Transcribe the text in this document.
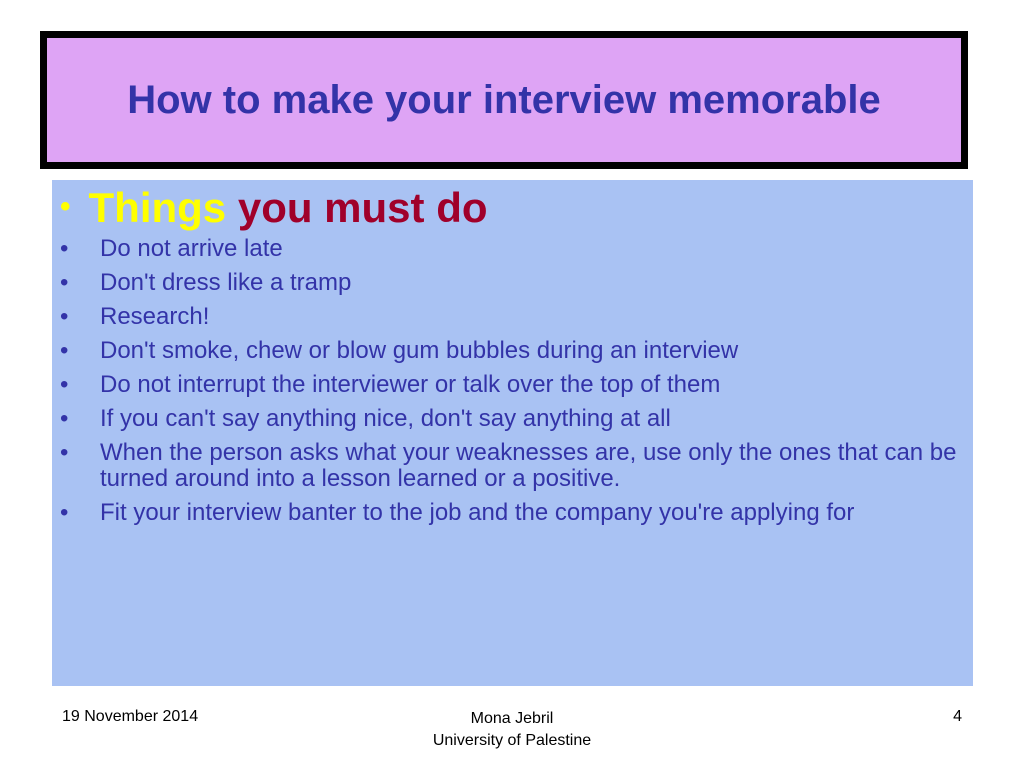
How to make your interview memorable
• Things you must do
• Do not arrive late
• Don't dress like a tramp
• Research!
• Don't smoke, chew or blow gum bubbles during an interview
• Do not interrupt the interviewer or talk over the top of them
• If you can't say anything nice, don't say anything at all
• When the person asks what your weaknesses are, use only the ones that can be turned around into a lesson learned or a positive.
• Fit your interview banter to the job and the company you're applying for
19 November 2014	Mona Jebril
University of Palestine
4
